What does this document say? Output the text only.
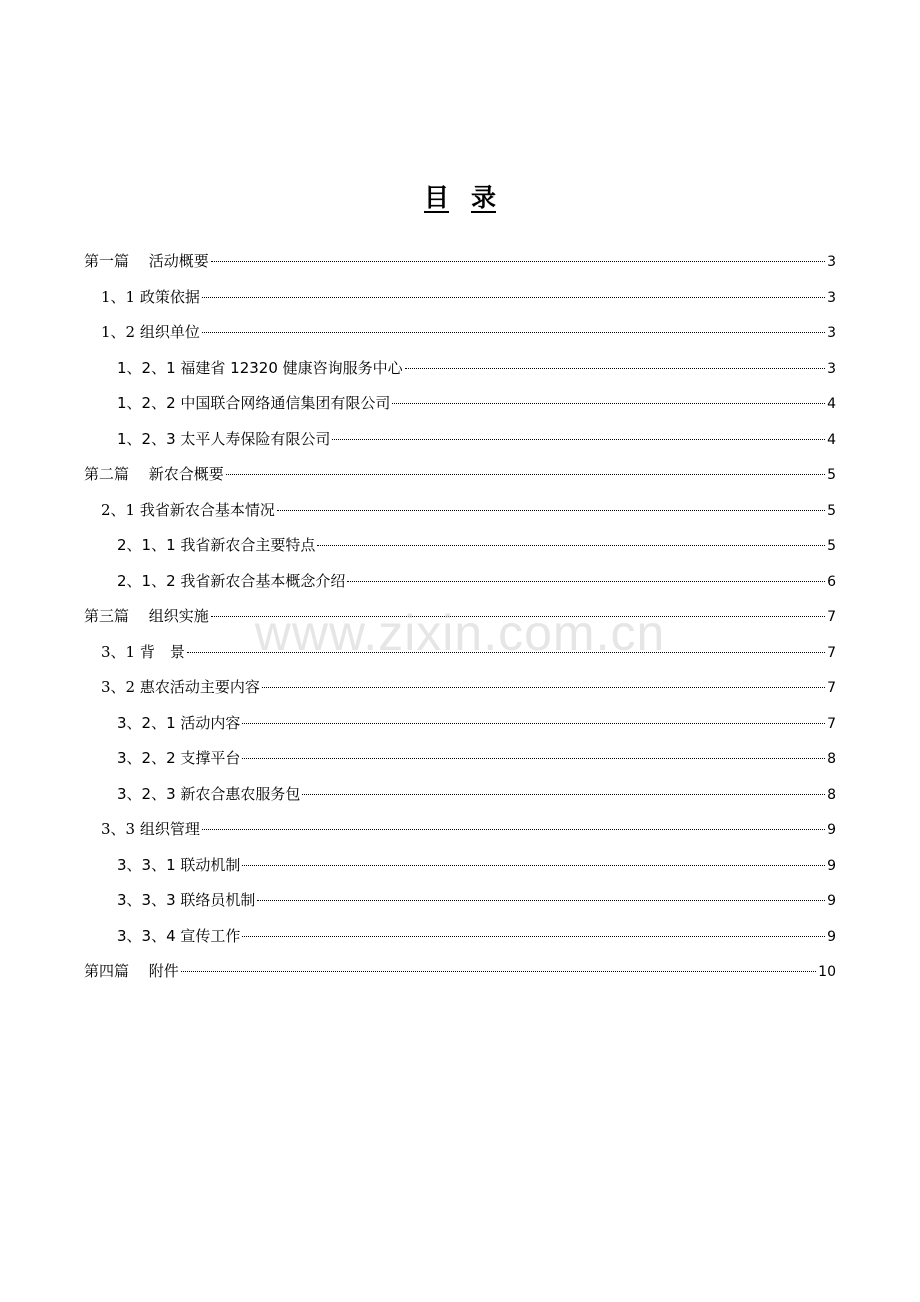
目 录
第一篇　 活动概要	3
1、1 政策依据	3
1、2 组织单位	3
1、2、1 福建省 12320 健康咨询服务中心	3
1、2、2 中国联合网络通信集团有限公司	4
1、2、3 太平人寿保险有限公司	4
第二篇　 新农合概要	5
2、1 我省新农合基本情况	5
2、1、1 我省新农合主要特点	5
2、1、2 我省新农合基本概念介绍	6
第三篇　 组织实施	7
3、1 背　景	7
3、2 惠农活动主要内容	7
3、2、1 活动内容	7
3、2、2 支撑平台	8
3、2、3 新农合惠农服务包	8
3、3 组织管理	9
3、3、1 联动机制	9
3、3、3 联络员机制	9
3、3、4 宣传工作	9
第四篇　 附件	10
www.zixin.com.cn
